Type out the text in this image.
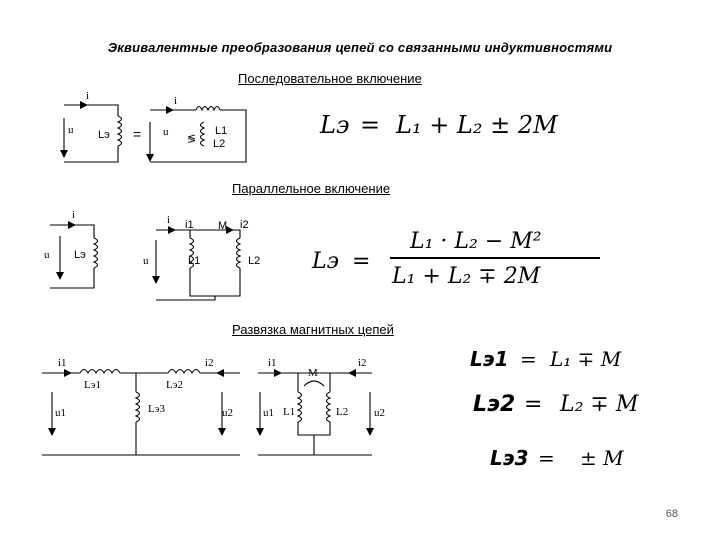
Эквивалентные преобразования цепей со связанными индуктивностями
Последовательное включение
Параллельное включение
Развязка магнитных цепей
i
u Lэ =	≶
i
u	L1
L2
Lэ = L₁ + L₂ ± 2M
i
u Lэ
i i1 M i2
u	L1	L2 Lэ =
L₁ · L₂ − M²
L₁ + L₂ ∓ 2M
i1	i2
Lэ1	Lэ2
Lэ3
u1	u2
i1	i2
M
L1	L2
u1	u2
Lэ1 = L₁ ∓ M
Lэ2 = L₂ ∓ M
Lэ3 = ± M
68
